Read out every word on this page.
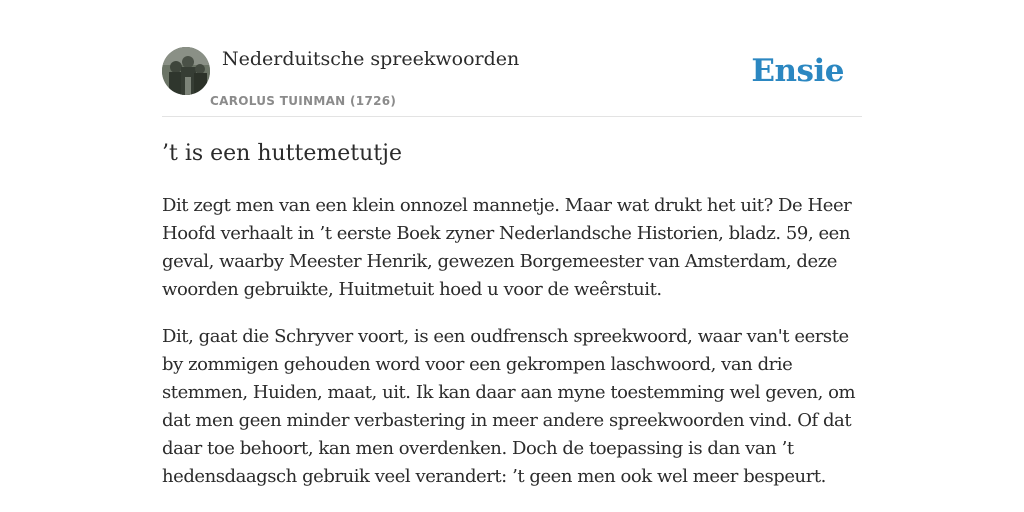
Nederduitsche spreekwoorden
CAROLUS TUINMAN (1726)
Ensie
’t is een huttemetutje

Dit zegt men van een klein onnozel mannetje. Maar wat drukt het uit? De Heer Hoofd verhaalt in ’t eerste Boek zyner Nederlandsche Historien, bladz. 59, een geval, waarby Meester Henrik, gewezen Borgemeester van Amsterdam, deze woorden gebruikte, Huitmetuit hoed u voor de weêrstuit.

Dit, gaat die Schryver voort, is een oudfrensch spreekwoord, waar van't eerste by zommigen gehouden word voor een gekrompen laschwoord, van drie stemmen, Huiden, maat, uit. Ik kan daar aan myne toestemming wel geven, om dat men geen minder verbastering in meer andere spreekwoorden vind. Of dat daar toe behoort, kan men overdenken. Doch de toepassing is dan van ’t hedensdaagsch gebruik veel verandert: ’t geen men ook wel meer bespeurt.
